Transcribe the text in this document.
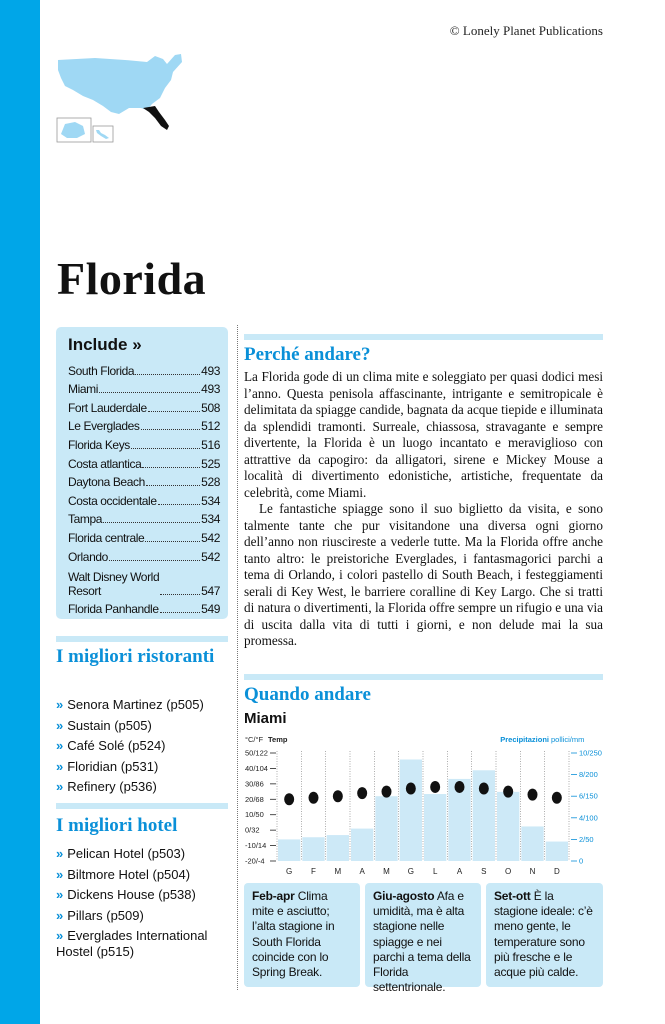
© Lonely Planet Publications
Florida
Include »
South Florida	493
Miami	493
Fort Lauderdale	508
Le Everglades	512
Florida Keys	516
Costa atlantica	525
Daytona Beach	528
Costa occidentale	534
Tampa	534
Florida centrale	542
Orlando	542
Walt Disney World
Resort	547
Florida Panhandle	549
I migliori ristoranti
» Senora Martinez (p505)
» Sustain (p505)
» Café Solé (p524)
» Floridian (p531)
» Refinery (p536)
I migliori hotel
» Pelican Hotel (p503)
» Biltmore Hotel (p504)
» Dickens House (p538)
» Pillars (p509)
» Everglades International Hostel (p515)
Perché andare?

La Florida gode di un clima mite e soleggiato per quasi dodici mesi l’anno. Questa penisola affascinante, intrigante e semitropicale è delimitata da spiagge candide, bagnata da acque tiepide e illuminata da splendidi tramonti. Surreale, chiassosa, stravagante e sempre divertente, la Florida è un luogo incantato e meraviglioso con attrattive da capogiro: da alligatori, sirene e Mickey Mouse a località di divertimento edonistiche, artistiche, frequentate da celebrità, come Miami.

Le fantastiche spiagge sono il suo biglietto da visita, e sono talmente tante che pur visitandone una diversa ogni giorno dell’anno non riuscireste a vederle tutte. Ma la Florida offre anche tanto altro: le preistoriche Everglades, i fantasmagorici parchi a tema di Orlando, i colori pastello di South Beach, i festeggiamenti serali di Key West, le barriere coralline di Key Largo. Che si tratti di natura o divertimenti, la Florida offre sempre un rifugio e una via di uscita dalla vita di tutti i giorni, e non delude mai la sua promessa.

Quando andare
Miami
50/122
40/104
30/86
20/68
10/50
0/32
-10/14
-20/-4
10/250
8/200
6/150
4/100
2/50
0
G F M A M G L A S O N D
°C/°F Temp	Precipitazioni pollici/mm
Feb-apr Clima mite e asciutto; l’alta stagione in South Florida coincide con lo Spring Break.
Giu-agosto Afa e umidità, ma è alta stagione nelle spiagge e nei parchi a tema della Florida settentrionale.
Set-ott È la stagione ideale: c’è meno gente, le temperature sono più fresche e le acque più calde.
